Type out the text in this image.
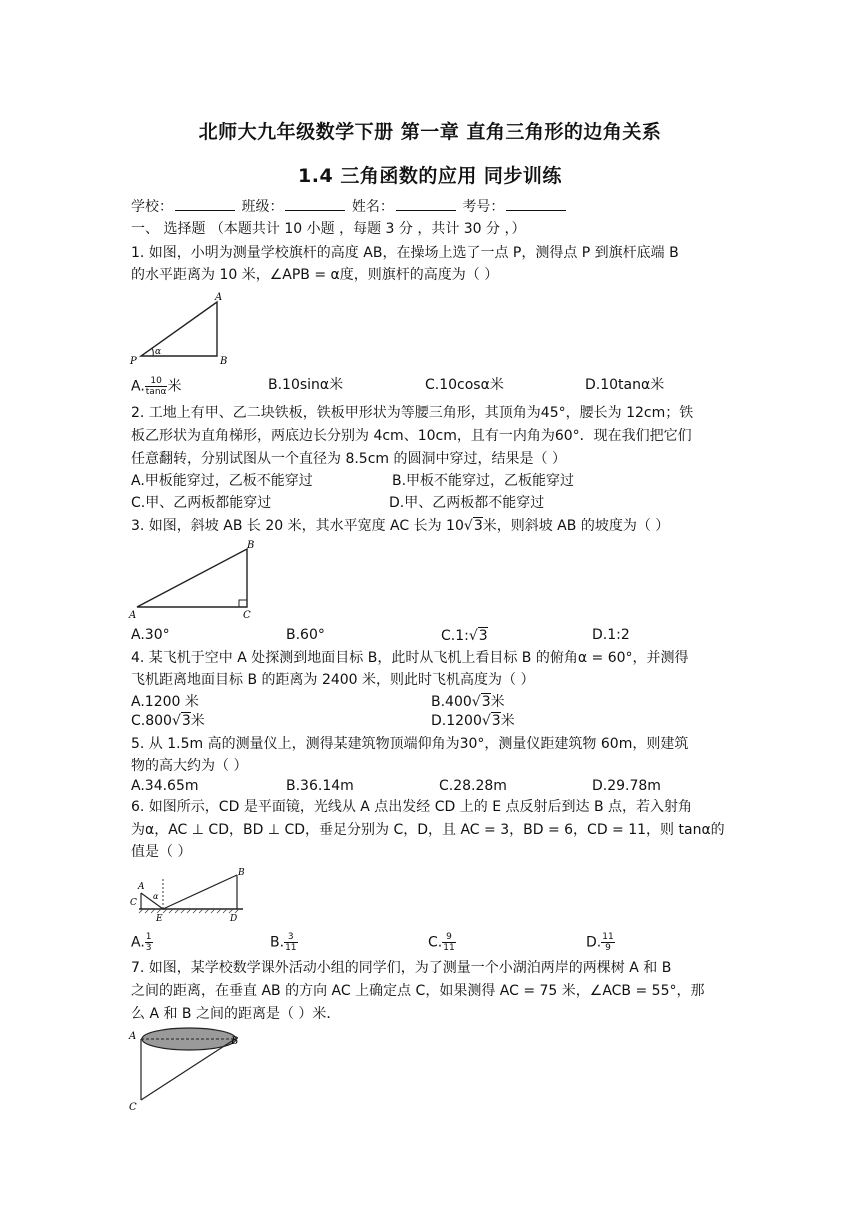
北师大九年级数学下册 第一章 直角三角形的边角关系
1.4 三角函数的应用 同步训练
学校：	班级：	姓名：	考号：
一、 选择题 （本题共计 10 小题 ，每题 3 分 ，共计 30 分 ，）
1. 如图，小明为测量学校旗杆的高度 AB，在操场上选了一点 P，测得点 P 到旗杆底端 B
的水平距离为 10 米，∠APB = α度，则旗杆的高度为（ ）
A
B
P
α
A. $\frac{10}{\tan\alpha}$ 米	B.10sinα米	C.10cosα米	D.10tanα米
2. 工地上有甲、乙二块铁板，铁板甲形状为等腰三角形，其顶角为45°，腰长为 12cm；铁
板乙形状为直角梯形，两底边长分别为 4cm、10cm，且有一内角为60°．现在我们把它们
任意翻转，分别试图从一个直径为 8.5cm 的圆洞中穿过，结果是（ ）
A.甲板能穿过，乙板不能穿过	B.甲板不能穿过，乙板能穿过
C.甲、乙两板都能穿过	D.甲、乙两板都不能穿过
3. 如图，斜坡 AB 长 20 米，其水平宽度 AC 长为 10√3米，则斜坡 AB 的坡度为（ ）
B
A	C
A.30°	B.60°	C.1:√3	D.1:2
4. 某飞机于空中 A 处探测到地面目标 B，此时从飞机上看目标 B 的俯角α = 60°，并测得
飞机距离地面目标 B 的距离为 2400 米，则此时飞机高度为（ ）
A.1200 米	B.400√3米
C.800√3米	D.1200√3米
5. 从 1.5m 高的测量仪上，测得某建筑物顶端仰角为30°，测量仪距建筑物 60m，则建筑
物的高大约为（ ）
A.34.65m	B.36.14m	C.28.28m	D.29.78m
6. 如图所示，CD 是平面镜，光线从 A 点出发经 CD 上的 E 点反射后到达 B 点，若入射角
为α，AC ⊥ CD，BD ⊥ CD，垂足分别为 C，D，且 AC = 3，BD = 6，CD = 11，则 tanα的
值是（ ）
A
B
C
D
E
α
A. $\frac{1}{3}$	B. $\frac{3}{11}$	C. $\frac{9}{11}$	D. $\frac{11}{9}$
7. 如图，某学校数学课外活动小组的同学们，为了测量一个小湖泊两岸的两棵树 A 和 B
之间的距离，在垂直 AB 的方向 AC 上确定点 C，如果测得 AC = 75 米，∠ACB = 55°，那
么 A 和 B 之间的距离是（ ）米．
A	B
C
